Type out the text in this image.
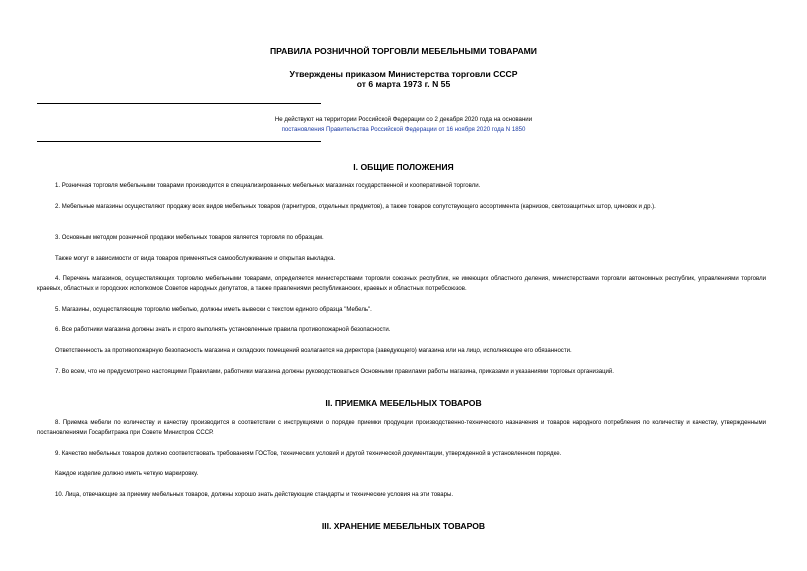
ПРАВИЛА РОЗНИЧНОЙ ТОРГОВЛИ МЕБЕЛЬНЫМИ ТОВАРАМИ
Утверждены приказом Министерства торговли СССР
от 6 марта 1973 г. N 55
Не действуют на территории Российской Федерации со 2 декабря 2020 года на основании
постановления Правительства Российской Федерации от 16 ноября 2020 года N 1850
I. ОБЩИЕ ПОЛОЖЕНИЯ

1. Розничная торговля мебельными товарами производится в специализированных мебельных магазинах государственной и кооперативной торговли.

2. Мебельные магазины осуществляют продажу всех видов мебельных товаров (гарнитуров, отдельных предметов), а также товаров сопутствующего ассортимента (карнизов, светозащитных штор, циновок и др.).

3. Основным методом розничной продажи мебельных товаров является торговля по образцам.

Также могут в зависимости от вида товаров применяться самообслуживание и открытая выкладка.

4. Перечень магазинов, осуществляющих торговлю мебельными товарами, определяется министерствами торговли союзных республик, не имеющих областного деления, министерствами торговли автономных республик, управлениями торговли краевых, областных и городских исполкомов Советов народных депутатов, а также правлениями республиканских, краевых и областных потребсоюзов.

5. Магазины, осуществляющие торговлю мебелью, должны иметь вывески с текстом единого образца "Мебель".

6. Все работники магазина должны знать и строго выполнять установленные правила противопожарной безопасности.

Ответственность за противопожарную безопасность магазина и складских помещений возлагается на директора (заведующего) магазина или на лицо, исполняющее его обязанности.

7. Во всем, что не предусмотрено настоящими Правилами, работники магазина должны руководствоваться Основными правилами работы магазина, приказами и указаниями торговых организаций.

II. ПРИЕМКА МЕБЕЛЬНЫХ ТОВАРОВ

8. Приемка мебели по количеству и качеству производится в соответствии с инструкциями о порядке приемки продукции производственно-технического назначения и товаров народного потребления по количеству и качеству, утвержденными постановлениями Госарбитража при Совете Министров СССР.

9. Качество мебельных товаров должно соответствовать требованиям ГОСТов, технических условий и другой технической документации, утвержденной в установленном порядке.

Каждое изделие должно иметь четкую маркировку.

10. Лица, отвечающие за приемку мебельных товаров, должны хорошо знать действующие стандарты и технические условия на эти товары.

III. ХРАНЕНИЕ МЕБЕЛЬНЫХ ТОВАРОВ
